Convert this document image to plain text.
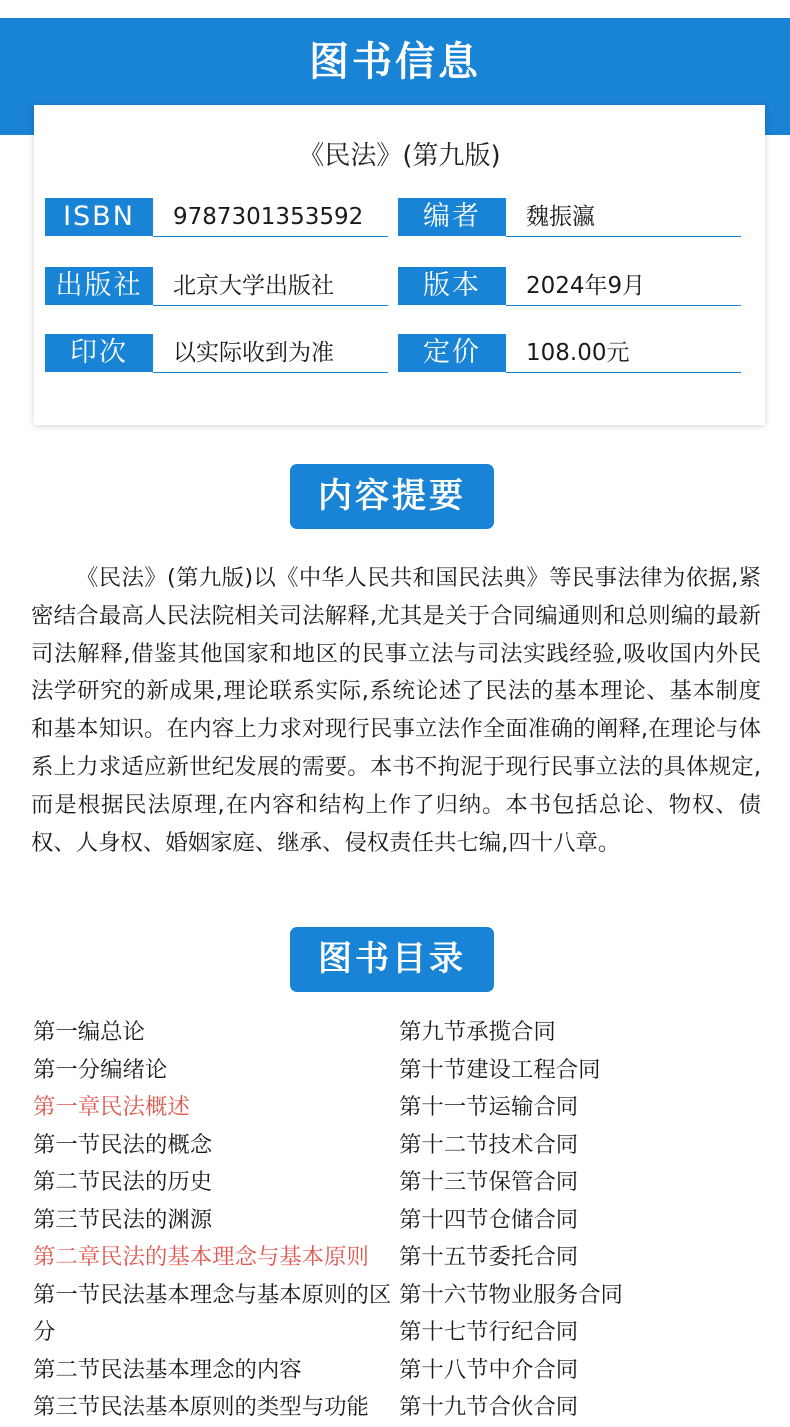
图书信息
《民法》(第九版)
ISBN	9787301353592	编者	魏振瀛
出版社	北京大学出版社	版本	2024年9月
印次	以实际收到为准	定价	108.00元
内容提要

《民法》(第九版)以《中华人民共和国民法典》等民事法律为依据,紧密结合最高人民法院相关司法解释,尤其是关于合同编通则和总则编的最新司法解释,借鉴其他国家和地区的民事立法与司法实践经验,吸收国内外民法学研究的新成果,理论联系实际,系统论述了民法的基本理论、基本制度和基本知识。在内容上力求对现行民事立法作全面准确的阐释,在理论与体系上力求适应新世纪发展的需要。本书不拘泥于现行民事立法的具体规定,而是根据民法原理,在内容和结构上作了归纳。本书包括总论、物权、债权、人身权、婚姻家庭、继承、侵权责任共七编,四十八章。

图书目录
第一编总论
第一分编绪论
第一章民法概述
第一节民法的概念
第二节民法的历史
第三节民法的渊源
第二章民法的基本理念与基本原则
第一节民法基本理念与基本原则的区分
第二节民法基本理念的内容
第三节民法基本原则的类型与功能
第九节承揽合同
第十节建设工程合同
第十一节运输合同
第十二节技术合同
第十三节保管合同
第十四节仓储合同
第十五节委托合同
第十六节物业服务合同
第十七节行纪合同
第十八节中介合同
第十九节合伙合同
